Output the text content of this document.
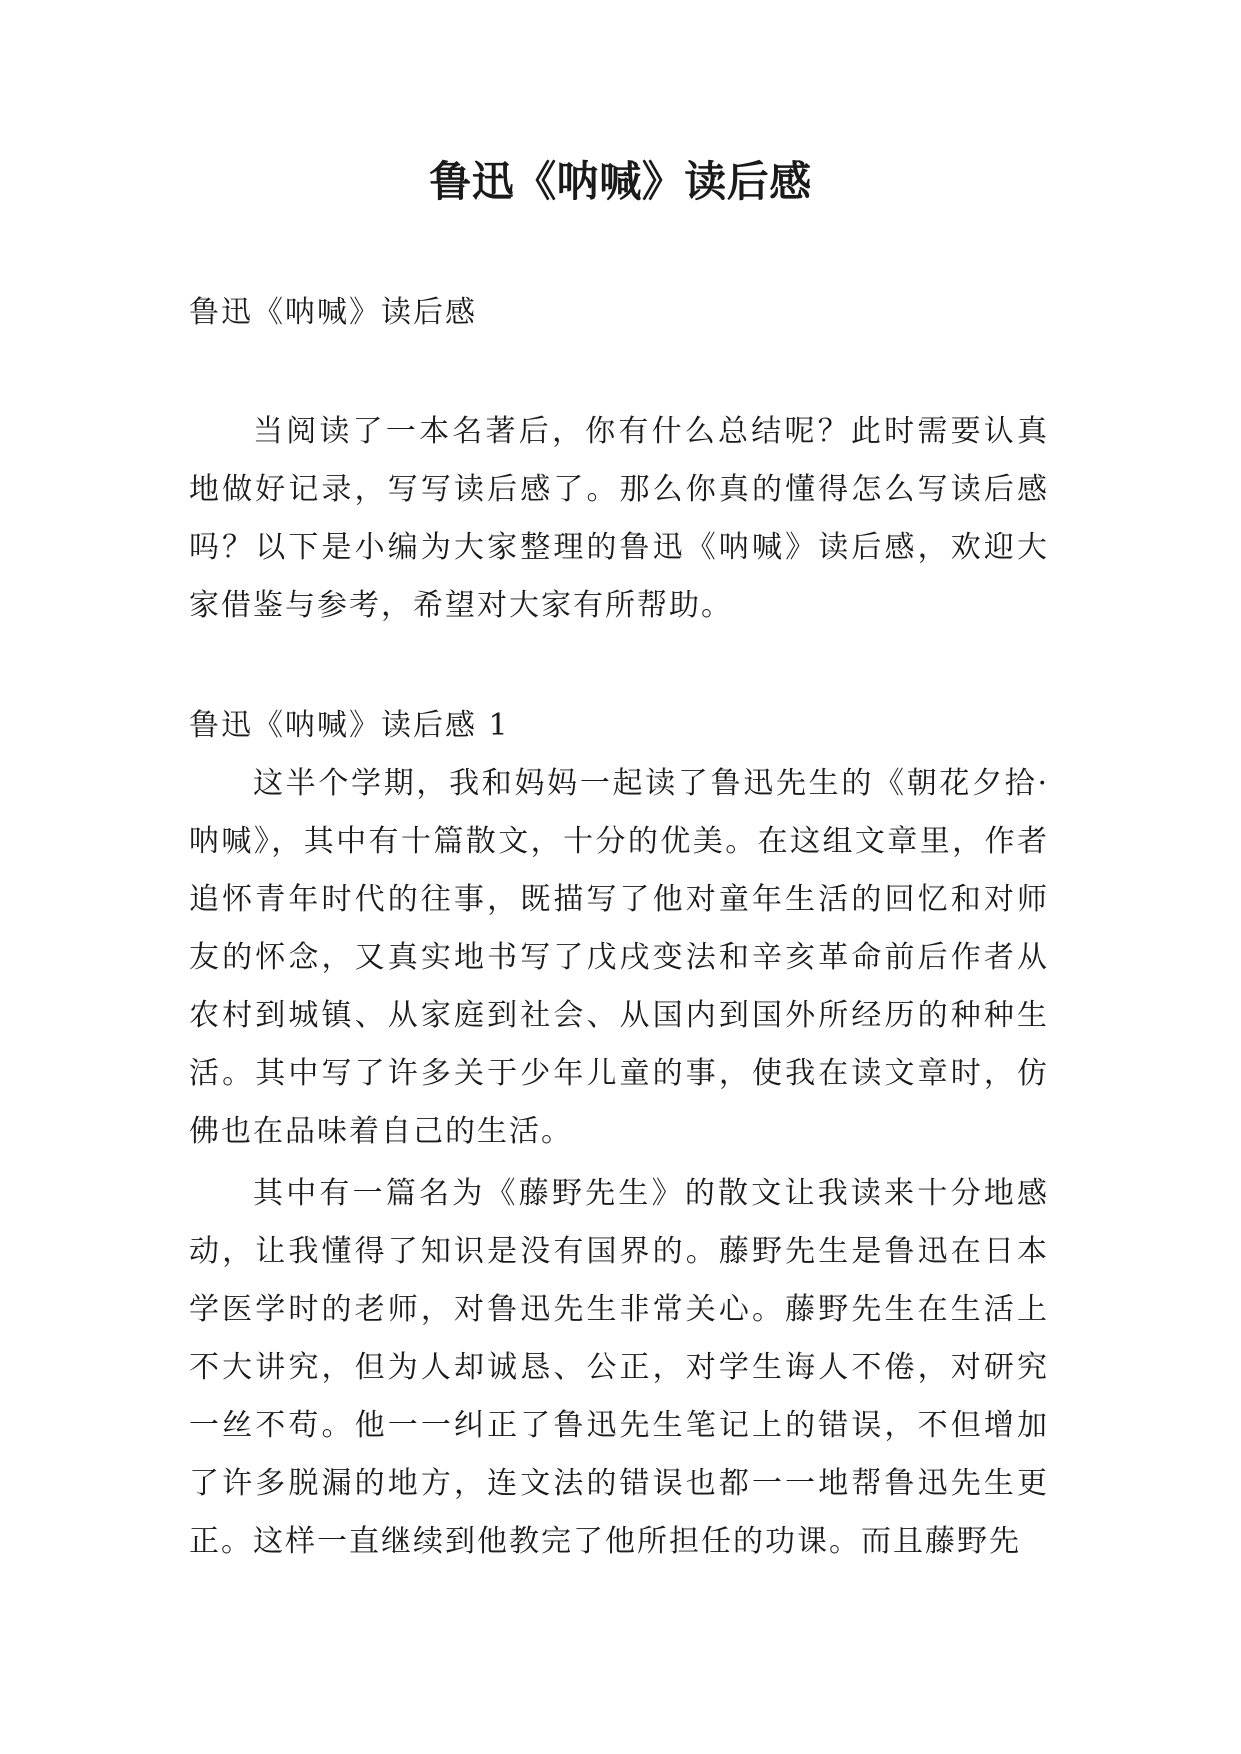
鲁迅《呐喊》读后感

鲁迅《呐喊》读后感

当阅读了一本名著后，你有什么总结呢？此时需要认真地做好记录，写写读后感了。那么你真的懂得怎么写读后感吗？以下是小编为大家整理的鲁迅《呐喊》读后感，欢迎大家借鉴与参考，希望对大家有所帮助。

鲁迅《呐喊》读后感 1

这半个学期，我和妈妈一起读了鲁迅先生的《朝花夕拾·呐喊》，其中有十篇散文，十分的优美。在这组文章里，作者追怀青年时代的往事，既描写了他对童年生活的回忆和对师友的怀念，又真实地书写了戊戌变法和辛亥革命前后作者从农村到城镇、从家庭到社会、从国内到国外所经历的种种生活。其中写了许多关于少年儿童的事，使我在读文章时，仿佛也在品味着自己的生活。

其中有一篇名为《藤野先生》的散文让我读来十分地感动，让我懂得了知识是没有国界的。藤野先生是鲁迅在日本学医学时的老师，对鲁迅先生非常关心。藤野先生在生活上不大讲究，但为人却诚恳、公正，对学生诲人不倦，对研究一丝不苟。他一一纠正了鲁迅先生笔记上的错误，不但增加了许多脱漏的地方，连文法的错误也都一一地帮鲁迅先生更正。这样一直继续到他教完了他所担任的功课。而且藤野先
